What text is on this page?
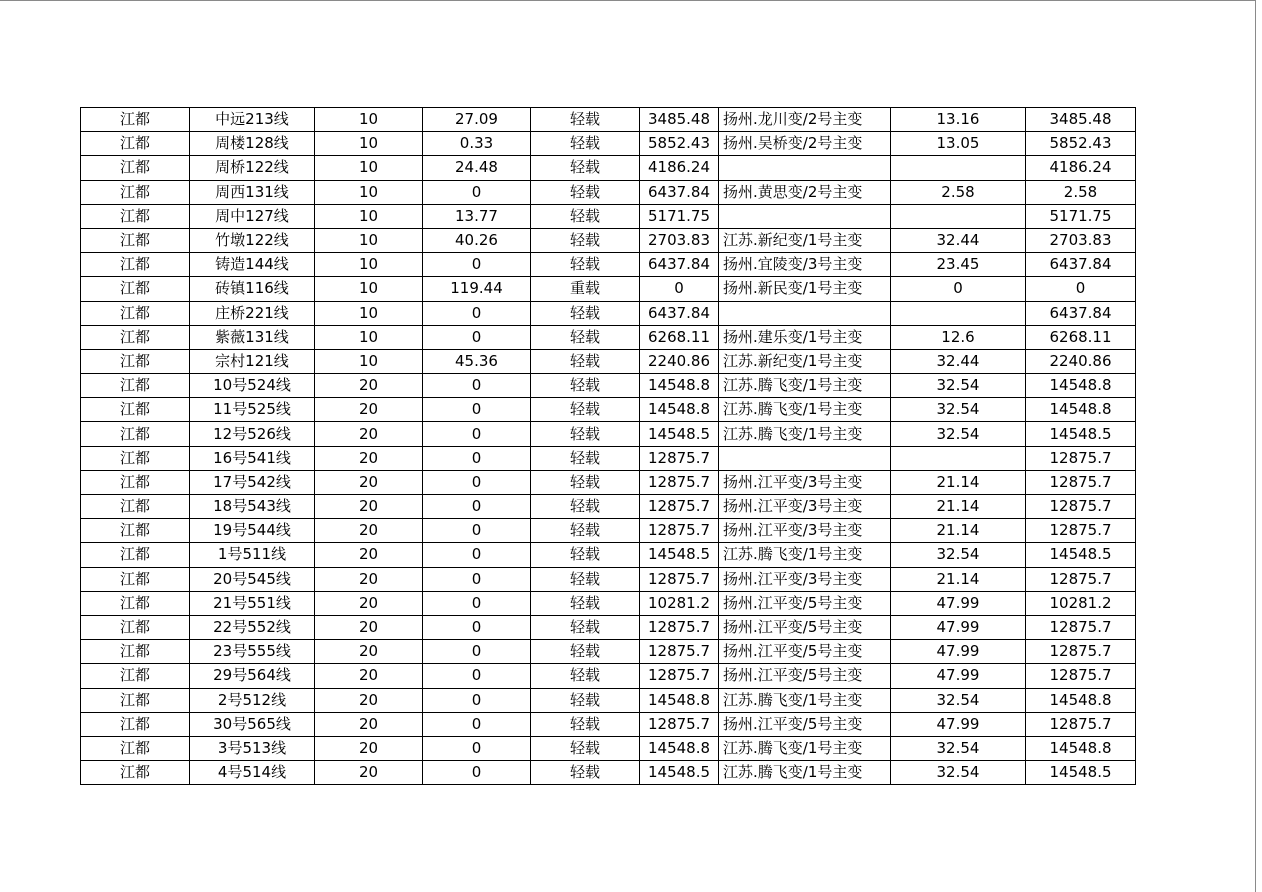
江都	中远213线	10	27.09	轻载	3485.48	扬州.龙川变/2号主变	13.16	3485.48
江都	周楼128线	10	0.33	轻载	5852.43	扬州.吴桥变/2号主变	13.05	5852.43
江都	周桥122线	10	24.48	轻载	4186.24			4186.24
江都	周西131线	10	0	轻载	6437.84	扬州.黄思变/2号主变	2.58	2.58
江都	周中127线	10	13.77	轻载	5171.75			5171.75
江都	竹墩122线	10	40.26	轻载	2703.83	江苏.新纪变/1号主变	32.44	2703.83
江都	铸造144线	10	0	轻载	6437.84	扬州.宜陵变/3号主变	23.45	6437.84
江都	砖镇116线	10	119.44	重载	0	扬州.新民变/1号主变	0	0
江都	庄桥221线	10	0	轻载	6437.84			6437.84
江都	紫薇131线	10	0	轻载	6268.11	扬州.建乐变/1号主变	12.6	6268.11
江都	宗村121线	10	45.36	轻载	2240.86	江苏.新纪变/1号主变	32.44	2240.86
江都	10号524线	20	0	轻载	14548.8	江苏.腾飞变/1号主变	32.54	14548.8
江都	11号525线	20	0	轻载	14548.8	江苏.腾飞变/1号主变	32.54	14548.8
江都	12号526线	20	0	轻载	14548.5	江苏.腾飞变/1号主变	32.54	14548.5
江都	16号541线	20	0	轻载	12875.7			12875.7
江都	17号542线	20	0	轻载	12875.7	扬州.江平变/3号主变	21.14	12875.7
江都	18号543线	20	0	轻载	12875.7	扬州.江平变/3号主变	21.14	12875.7
江都	19号544线	20	0	轻载	12875.7	扬州.江平变/3号主变	21.14	12875.7
江都	1号511线	20	0	轻载	14548.5	江苏.腾飞变/1号主变	32.54	14548.5
江都	20号545线	20	0	轻载	12875.7	扬州.江平变/3号主变	21.14	12875.7
江都	21号551线	20	0	轻载	10281.2	扬州.江平变/5号主变	47.99	10281.2
江都	22号552线	20	0	轻载	12875.7	扬州.江平变/5号主变	47.99	12875.7
江都	23号555线	20	0	轻载	12875.7	扬州.江平变/5号主变	47.99	12875.7
江都	29号564线	20	0	轻载	12875.7	扬州.江平变/5号主变	47.99	12875.7
江都	2号512线	20	0	轻载	14548.8	江苏.腾飞变/1号主变	32.54	14548.8
江都	30号565线	20	0	轻载	12875.7	扬州.江平变/5号主变	47.99	12875.7
江都	3号513线	20	0	轻载	14548.8	江苏.腾飞变/1号主变	32.54	14548.8
江都	4号514线	20	0	轻载	14548.5	江苏.腾飞变/1号主变	32.54	14548.5
